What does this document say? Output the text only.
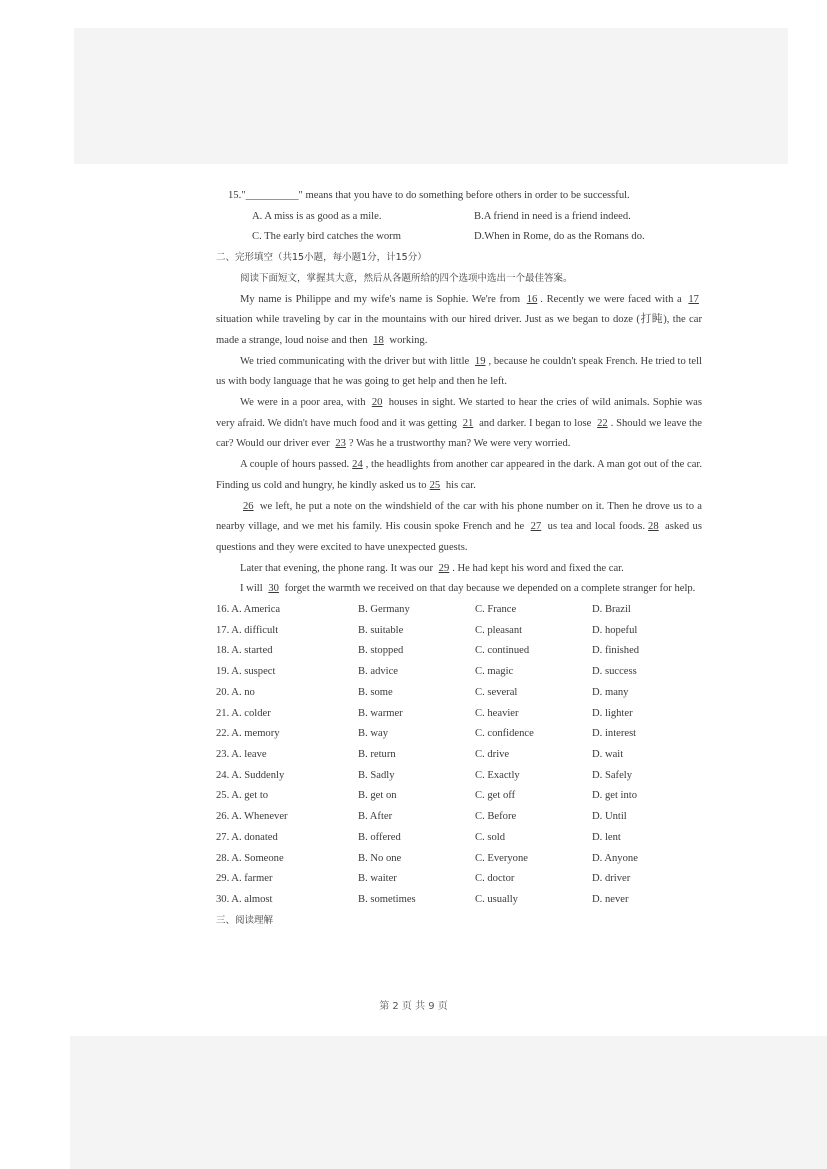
15."__________" means that you have to do something before others in order to be successful.
A. A miss is as good as a mile.	B.A friend in need is a friend indeed.
C. The early bird catches the worm	D.When in Rome, do as the Romans do.
二、完形填空（共15小题，每小题1分，计15分）
阅读下面短文，掌握其大意，然后从各题所给的四个选项中选出一个最佳答案。
My name is Philippe and my wife's name is Sophie. We're from 16 . Recently we were faced with a 17 situation while traveling by car in the mountains with our hired driver. Just as we began to doze (打盹), the car made a strange, loud noise and then 18 working.
We tried communicating with the driver but with little 19 , because he couldn't speak French. He tried to tell us with body language that he was going to get help and then he left.
We were in a poor area, with 20 houses in sight. We started to hear the cries of wild animals. Sophie was very afraid. We didn't have much food and it was getting 21 and darker. I began to lose 22 . Should we leave the car? Would our driver ever 23 ? Was he a trustworthy man? We were very worried.
A couple of hours passed. 24 , the headlights from another car appeared in the dark. A man got out of the car. Finding us cold and hungry, he kindly asked us to 25 his car.
26 we left, he put a note on the windshield of the car with his phone number on it. Then he drove us to a nearby village, and we met his family. His cousin spoke French and he 27 us tea and local foods. 28 asked us questions and they were excited to have unexpected guests.
Later that evening, the phone rang. It was our 29 . He had kept his word and fixed the car.
I will 30 forget the warmth we received on that day because we depended on a complete stranger for help.
16. A. America	B. Germany	C. France	D. Brazil
17. A. difficult	B. suitable	C. pleasant	D. hopeful
18. A. started	B. stopped	C. continued	D. finished
19. A. suspect	B. advice	C. magic	D. success
20. A. no	B. some	C. several	D. many
21. A. colder	B. warmer	C. heavier	D. lighter
22. A. memory	B. way	C. confidence	D. interest
23. A. leave	B. return	C. drive	D. wait
24. A. Suddenly	B. Sadly	C. Exactly	D. Safely
25. A. get to	B. get on	C. get off	D. get into
26. A. Whenever	B. After	C. Before	D. Until
27. A. donated	B. offered	C. sold	D. lent
28. A. Someone	B. No one	C. Everyone	D. Anyone
29. A. farmer	B. waiter	C. doctor	D. driver
30. A. almost	B. sometimes	C. usually	D. never
三、阅读理解
第 2 页 共 9 页
